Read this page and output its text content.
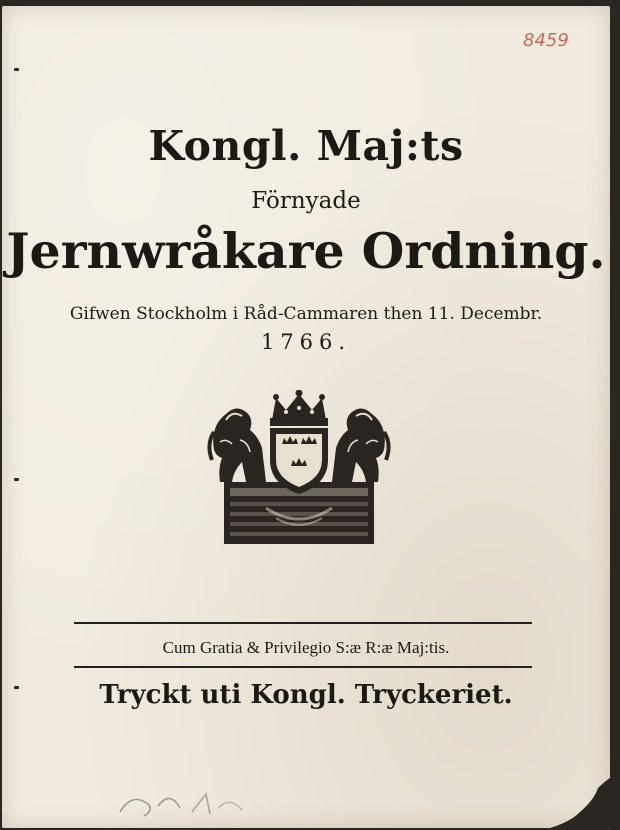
8459
Kongl. Maj:ts
Förnyade
Jernwråkare Ordning.
Gifwen Stockholm i Råd-Cammaren then 11. Decembr.
1766.
Cum Gratia & Privilegio S:æ R:æ Maj:tis.
Tryckt uti Kongl. Tryckeriet.
